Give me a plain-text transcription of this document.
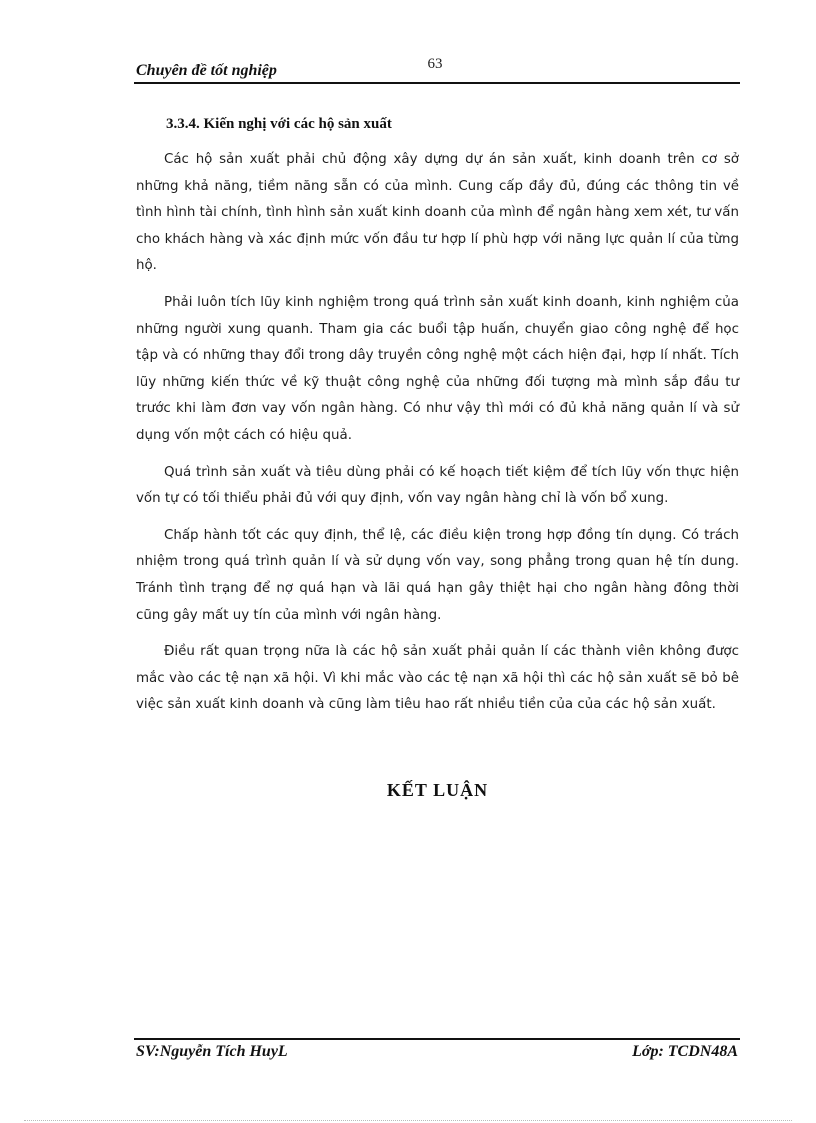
Chuyên đề tốt nghiệp	63
3.3.4. Kiến nghị với các hộ sản xuất

Các hộ sản xuất phải chủ động xây dựng dự án sản xuất, kinh doanh trên cơ sở những khả năng, tiềm năng sẵn có của mình. Cung cấp đầy đủ, đúng các thông tin về tình hình tài chính, tình hình sản xuất kinh doanh của mình để ngân hàng xem xét, tư vấn cho khách hàng và xác định mức vốn đầu tư hợp lí phù hợp với năng lực quản lí của từng hộ.

Phải luôn tích lũy kinh nghiệm trong quá trình sản xuất kinh doanh, kinh nghiệm của những người xung quanh. Tham gia các buổi tập huấn, chuyển giao công nghệ để học tập và có những thay đổi trong dây truyền công nghệ một cách hiện đại, hợp lí nhất. Tích lũy những kiến thức về kỹ thuật công nghệ của những đối tượng mà mình sắp đầu tư trước khi làm đơn vay vốn ngân hàng. Có như vậy thì mới có đủ khả năng quản lí và sử dụng vốn một cách có hiệu quả.

Quá trình sản xuất và tiêu dùng phải có kế hoạch tiết kiệm để tích lũy vốn thực hiện vốn tự có tối thiểu phải đủ với quy định, vốn vay ngân hàng chỉ là vốn bổ xung.

Chấp hành tốt các quy định, thể lệ, các điều kiện trong hợp đồng tín dụng. Có trách nhiệm trong quá trình quản lí và sử dụng vốn vay, song phẳng trong quan hệ tín dung. Tránh tình trạng để nợ quá hạn và lãi quá hạn gây thiệt hại cho ngân hàng đông thời cũng gây mất uy tín của mình với ngân hàng.

Điều rất quan trọng nữa là các hộ sản xuất phải quản lí các thành viên không được mắc vào các tệ nạn xã hội. Vì khi mắc vào các tệ nạn xã hội thì các hộ sản xuất sẽ bỏ bê việc sản xuất kinh doanh và cũng làm tiêu hao rất nhiều tiền của của các hộ sản xuất.

KẾT LUẬN
SV:Nguyễn Tích HuyL	Lớp: TCDN48A
